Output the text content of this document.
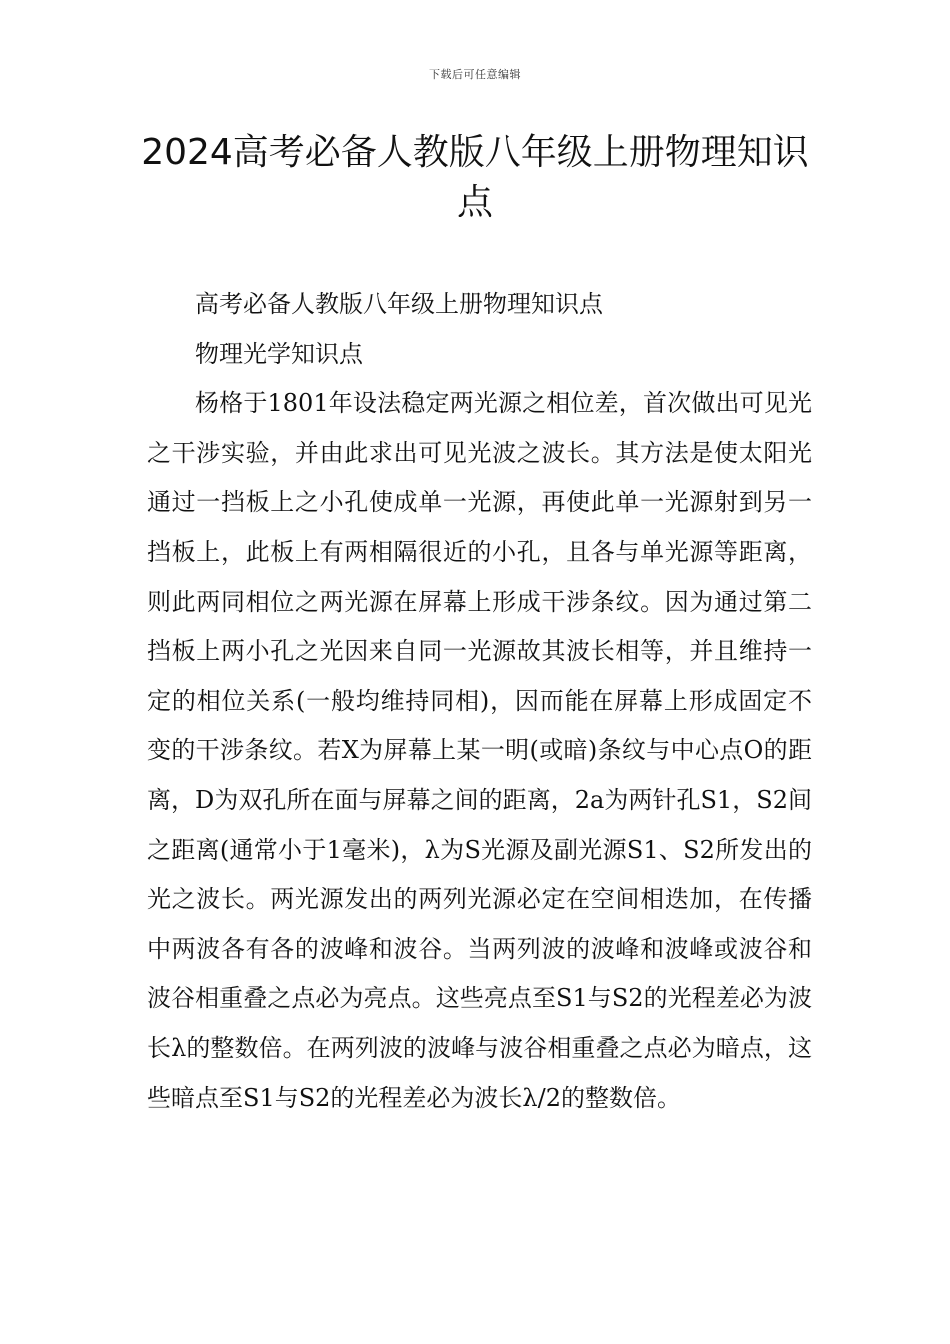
下载后可任意编辑
2024高考必备人教版八年级上册物理知识点

高考必备人教版八年级上册物理知识点

物理光学知识点

杨格于1801年设法稳定两光源之相位差，首次做出可见光之干涉实验，并由此求出可见光波之波长。其方法是使太阳光通过一挡板上之小孔使成单一光源，再使此单一光源射到另一挡板上，此板上有两相隔很近的小孔，且各与单光源等距离，则此两同相位之两光源在屏幕上形成干涉条纹。因为通过第二挡板上两小孔之光因来自同一光源故其波长相等，并且维持一定的相位关系(一般均维持同相)，因而能在屏幕上形成固定不变的干涉条纹。若X为屏幕上某一明(或暗)条纹与中心点O的距离，D为双孔所在面与屏幕之间的距离，2a为两针孔S1，S2间之距离(通常小于1毫米)，λ为S光源及副光源S1、S2所发出的光之波长。两光源发出的两列光源必定在空间相迭加，在传播中两波各有各的波峰和波谷。当两列波的波峰和波峰或波谷和波谷相重叠之点必为亮点。这些亮点至S1与S2的光程差必为波长λ的整数倍。在两列波的波峰与波谷相重叠之点必为暗点，这些暗点至S1与S2的光程差必为波长λ/2的整数倍。
